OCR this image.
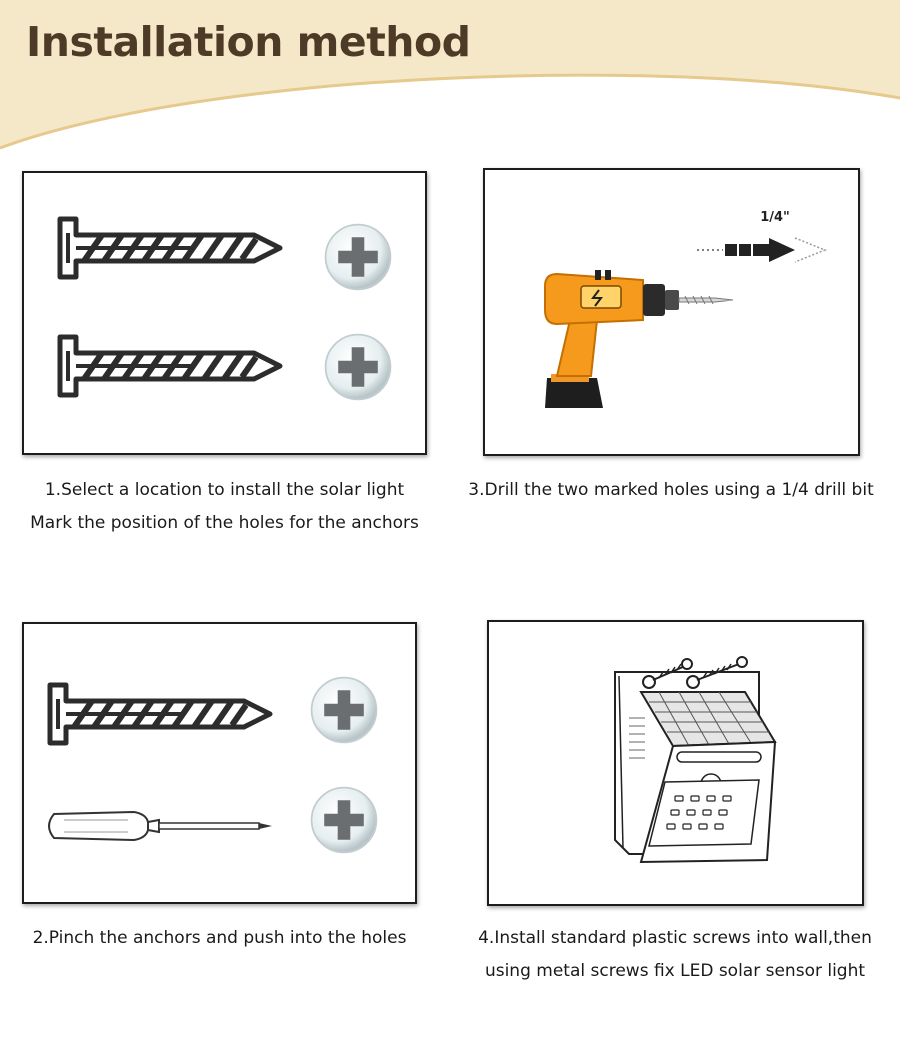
Installation method

1.Select a location to install the solar light

Mark the position of the holes for the anchors

1/4"

3.Drill the two marked holes using a 1/4 drill bit

2.Pinch the anchors and push into the holes	4.Install standard plastic screws into wall,then

using metal screws fix LED solar sensor light
